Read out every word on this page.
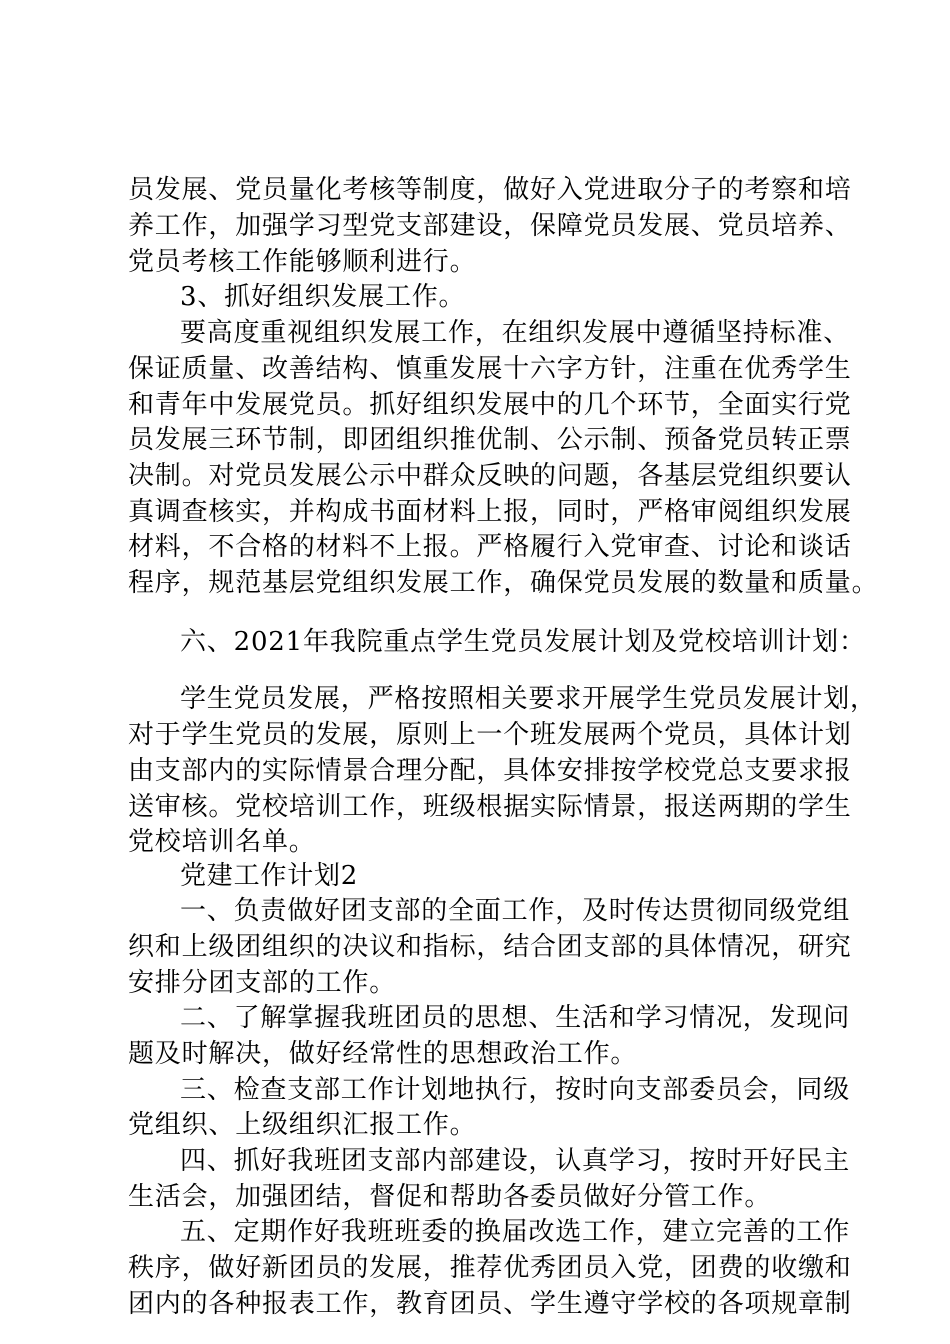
员发展、党员量化考核等制度，做好入党进取分子的考察和培
养工作，加强学习型党支部建设，保障党员发展、党员培养、
党员考核工作能够顺利进行。
3、抓好组织发展工作。
要高度重视组织发展工作，在组织发展中遵循坚持标准、
保证质量、改善结构、慎重发展十六字方针，注重在优秀学生
和青年中发展党员。抓好组织发展中的几个环节，全面实行党
员发展三环节制，即团组织推优制、公示制、预备党员转正票
决制。对党员发展公示中群众反映的问题，各基层党组织要认
真调查核实，并构成书面材料上报，同时，严格审阅组织发展
材料，不合格的材料不上报。严格履行入党审查、讨论和谈话
程序，规范基层党组织发展工作，确保党员发展的数量和质量。
六、2021年我院重点学生党员发展计划及党校培训计划：
学生党员发展，严格按照相关要求开展学生党员发展计划，
对于学生党员的发展，原则上一个班发展两个党员，具体计划
由支部内的实际情景合理分配，具体安排按学校党总支要求报
送审核。党校培训工作，班级根据实际情景，报送两期的学生
党校培训名单。
党建工作计划2
一、负责做好团支部的全面工作，及时传达贯彻同级党组
织和上级团组织的决议和指标，结合团支部的具体情况，研究
安排分团支部的工作。
二、了解掌握我班团员的思想、生活和学习情况，发现问
题及时解决，做好经常性的思想政治工作。
三、检查支部工作计划地执行，按时向支部委员会，同级
党组织、上级组织汇报工作。
四、抓好我班团支部内部建设，认真学习，按时开好民主
生活会，加强团结，督促和帮助各委员做好分管工作。
五、定期作好我班班委的换届改选工作，建立完善的工作
秩序，做好新团员的发展，推荐优秀团员入党，团费的收缴和
团内的各种报表工作，教育团员、学生遵守学校的各项规章制
